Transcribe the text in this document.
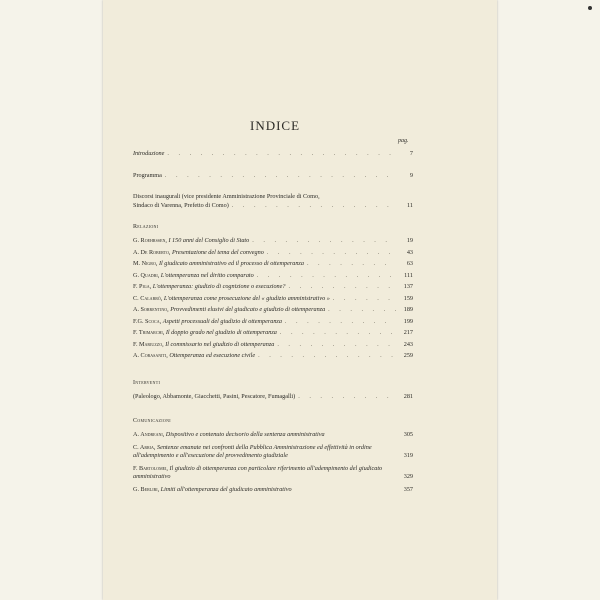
INDICE
pag.
Introduzione . . .	7
Programma . . .	9
Discorsi inaugurali (vice presidente Amministrazione Provinciale di Como,
Sindaco di Varenna, Prefetto di Como) . . .	11
Relazioni
G. Roehrssen, I 150 anni del Consiglio di Stato . . .	19
A. De Roberto, Presentazione del tema del convegno . . .	43
M. Nigro, Il giudicato amministrativo ed il processo di ottemperanza . . .	63
G. Quadri, L'ottemperanza nel diritto comparato . . .	111
F. Piga, L'ottemperanza: giudizio di cognizione o esecuzione? . . .	137
C. Calabrò, L'ottemperanza come prosecuzione del « giudizio amministrativo » . . .	159
A. Sorrentino, Provvedimenti elusivi del giudicato e giudizio di ottemperanza . . .	189
F.G. Scoca, Aspetti processuali del giudizio di ottemperanza . . .	199
F. Trimarchi, Il doppio grado nel giudizio di ottemperanza . . .	217
F. Mariuzzo, Il commissario nel giudizio di ottemperanza . . .	243
A. Corasaniti, Ottemperanza ed esecuzione civile . . .	259
Interventi
(Paleologo, Abbamonte, Giacchetti, Pasini, Pescatore, Fumagalli) . . .	281
Comunicazioni
A. Andreani, Dispositivo e contenuto decisorio della sentenza amministrativa	305
C. Arria, Sentenze emanate nei confronti della Pubblica Amministrazione ed effettività in ordine all'adempimento e all'esecuzione del provvedimento giudiziale	319
F. Bartolomei, Il giudizio di ottemperanza con particolare riferimento all'adempimento del giudicato amministrativo	329
G. Berliri, Limiti all'ottemperanza del giudicato amministrativo	357
